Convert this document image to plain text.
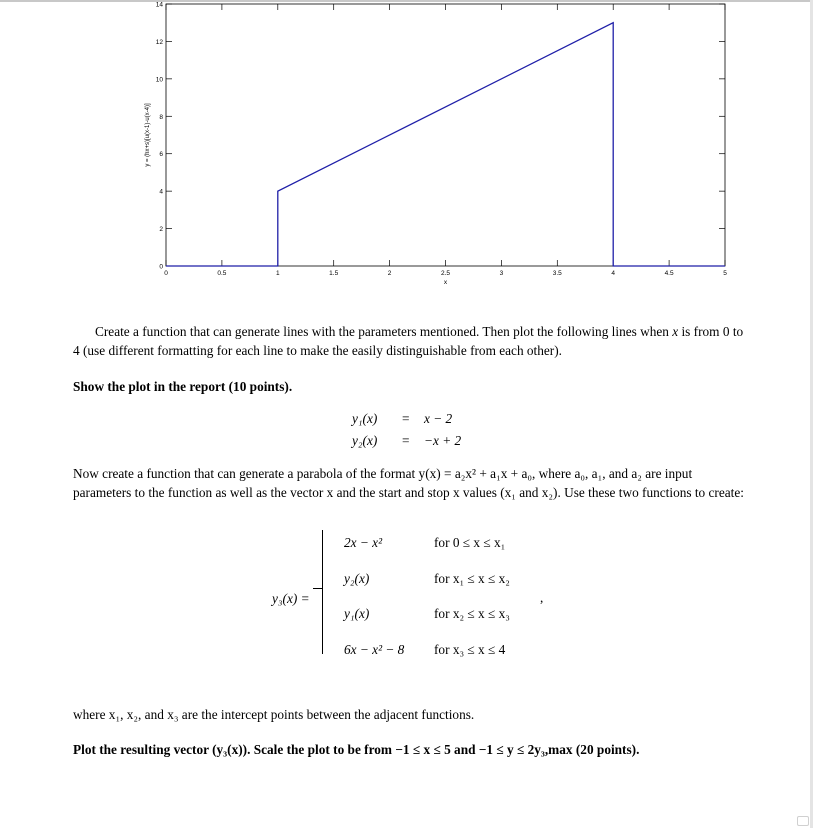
0	0.5	1	1.5	2	2.5	3	3.5	4	4.5	5
0
2
4
6
8
10
12
14
x
y = (hx+s)[u(x-1)-u(x-4)]
Create a function that can generate lines with the parameters mentioned. Then plot the following lines when x is from 0 to 4 (use different formatting for each line to make the easily distinguishable from each other).
Show the plot in the report (10 points).
y₁(x) = x − 2
y₂(x) = −x + 2
Now create a function that can generate a parabola of the format y(x) = a₂x² + a₁x + a₀, where a₀, a₁, and a₂ are input parameters to the function as well as the vector x and the start and stop x values (x₁ and x₂). Use these two functions to create:
y₃(x) =
2x − x²	for 0 ≤ x ≤ x₁
y₂(x)	for x₁ ≤ x ≤ x₂
y₁(x)	for x₂ ≤ x ≤ x₃
6x − x² − 8 for x₃ ≤ x ≤ 4
,
where x₁, x₂, and x₃ are the intercept points between the adjacent functions.
Plot the resulting vector (y₃(x)). Scale the plot to be from −1 ≤ x ≤ 5 and −1 ≤ y ≤ 2y₃,max (20 points).
